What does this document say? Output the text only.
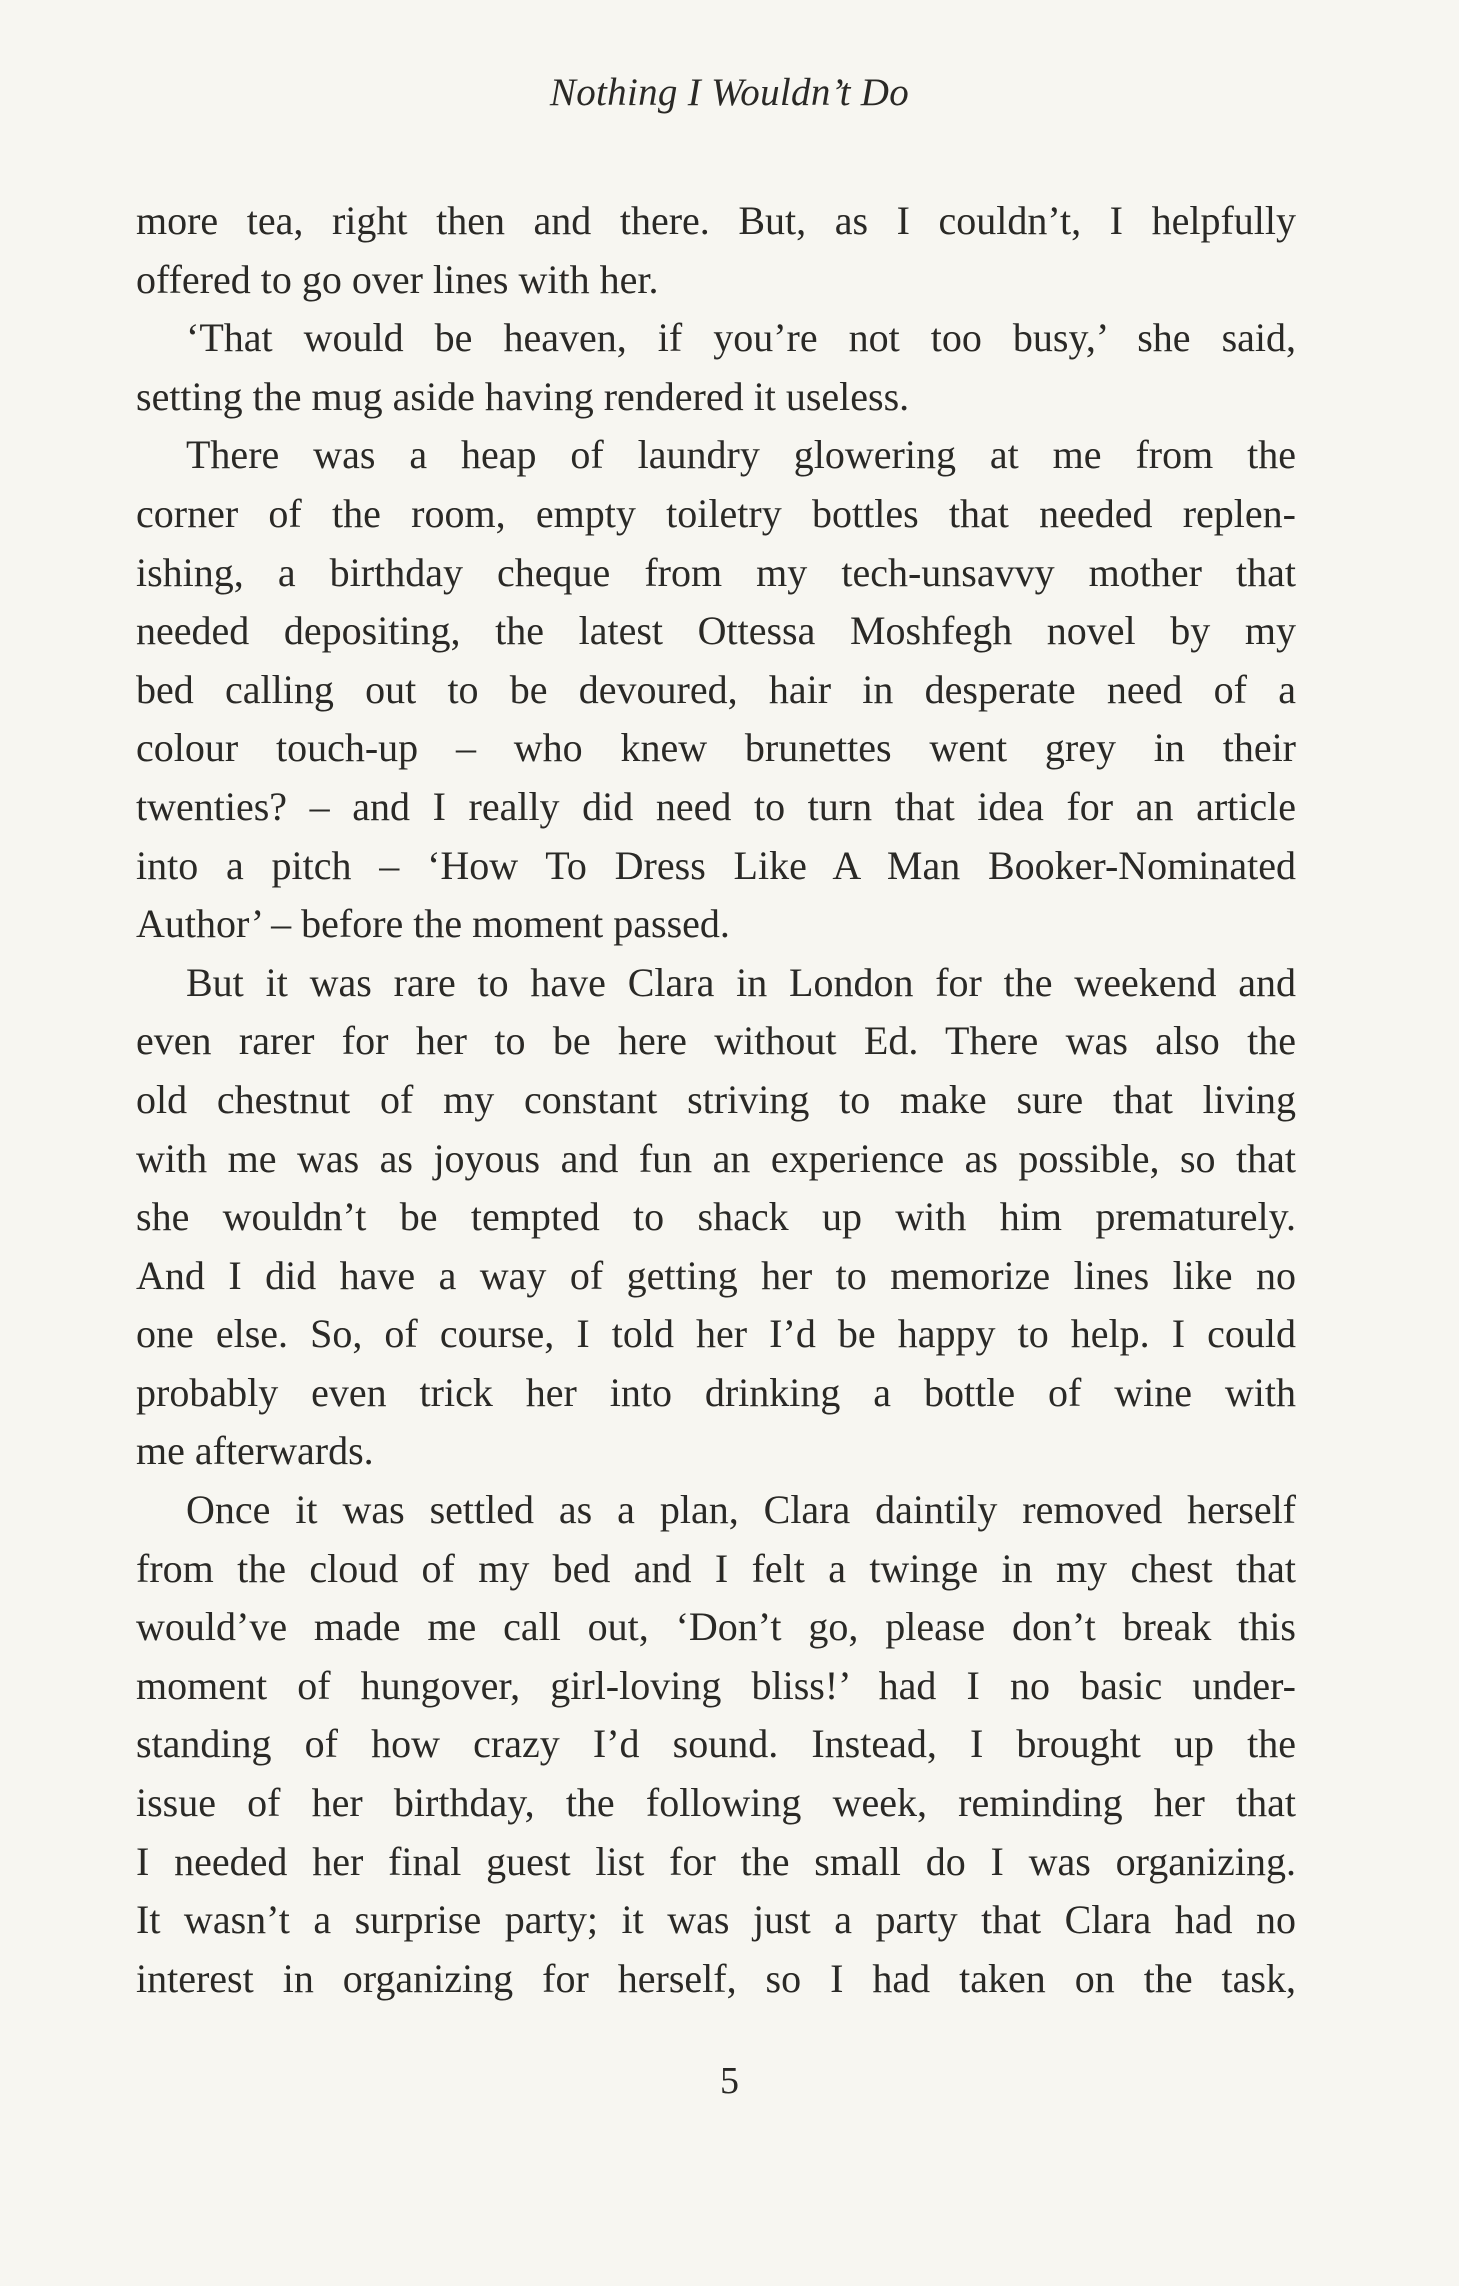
Nothing I Wouldn’t Do
more tea, right then and there. But, as I couldn’t, I helpfully
offered to go over lines with her.
‘That would be heaven, if you’re not too busy,’ she said,
setting the mug aside having rendered it useless.
There was a heap of laundry glowering at me from the
corner of the room, empty toiletry bottles that needed replen-
ishing, a birthday cheque from my tech-unsavvy mother that
needed depositing, the latest Ottessa Moshfegh novel by my
bed calling out to be devoured, hair in desperate need of a
colour touch-up – who knew brunettes went grey in their
twenties? – and I really did need to turn that idea for an article
into a pitch – ‘How To Dress Like A Man Booker-Nominated
Author’ – before the moment passed.
But it was rare to have Clara in London for the weekend and
even rarer for her to be here without Ed. There was also the
old chestnut of my constant striving to make sure that living
with me was as joyous and fun an experience as possible, so that
she wouldn’t be tempted to shack up with him prematurely.
And I did have a way of getting her to memorize lines like no
one else. So, of course, I told her I’d be happy to help. I could
probably even trick her into drinking a bottle of wine with
me afterwards.
Once it was settled as a plan, Clara daintily removed herself
from the cloud of my bed and I felt a twinge in my chest that
would’ve made me call out, ‘Don’t go, please don’t break this
moment of hungover, girl-loving bliss!’ had I no basic under-
standing of how crazy I’d sound. Instead, I brought up the
issue of her birthday, the following week, reminding her that
I needed her final guest list for the small do I was organizing.
It wasn’t a surprise party; it was just a party that Clara had no
interest in organizing for herself, so I had taken on the task,
5
